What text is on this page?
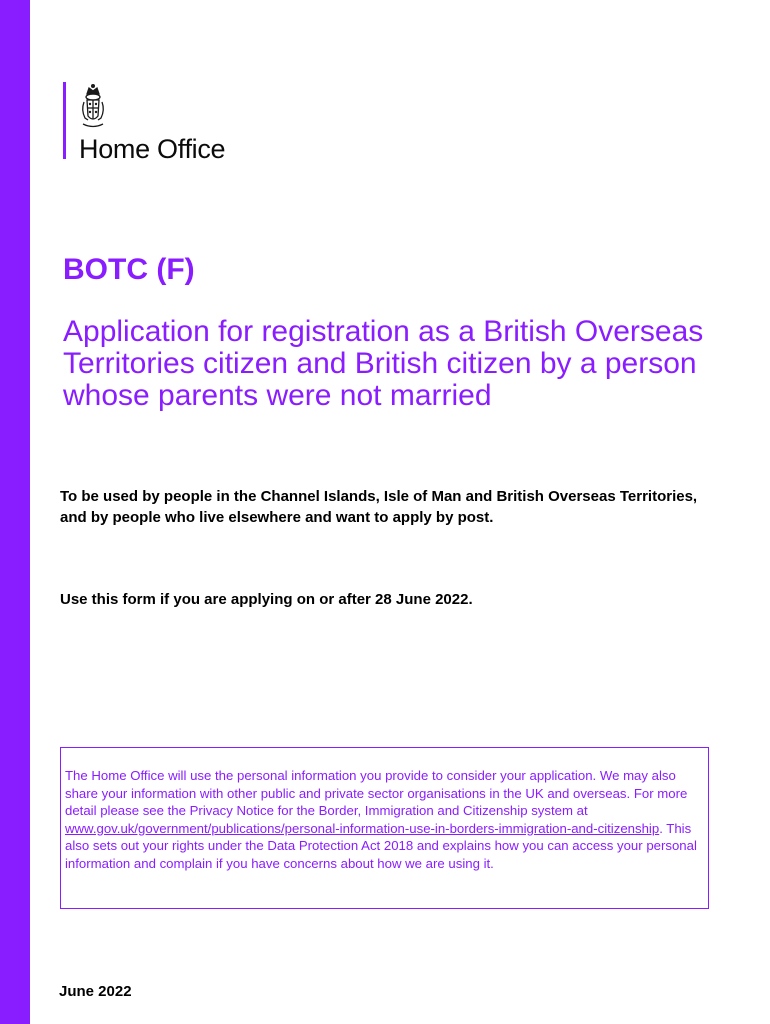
Home Office
BOTC (F)
Application for registration as a British Overseas Territories citizen and British citizen by a person whose parents were not married
To be used by people in the Channel Islands, Isle of Man and British Overseas Territories, and by people who live elsewhere and want to apply by post.
Use this form if you are applying on or after 28 June 2022.

The Home Office will use the personal information you provide to consider your application. We may also share your information with other public and private sector organisations in the UK and overseas. For more detail please see the Privacy Notice for the Border, Immigration and Citizenship system at www.gov.uk/government/publications/personal-information-use-in-borders-immigration-and-citizenship. This also sets out your rights under the Data Protection Act 2018 and explains how you can access your personal information and complain if you have concerns about how we are using it.

June 2022
